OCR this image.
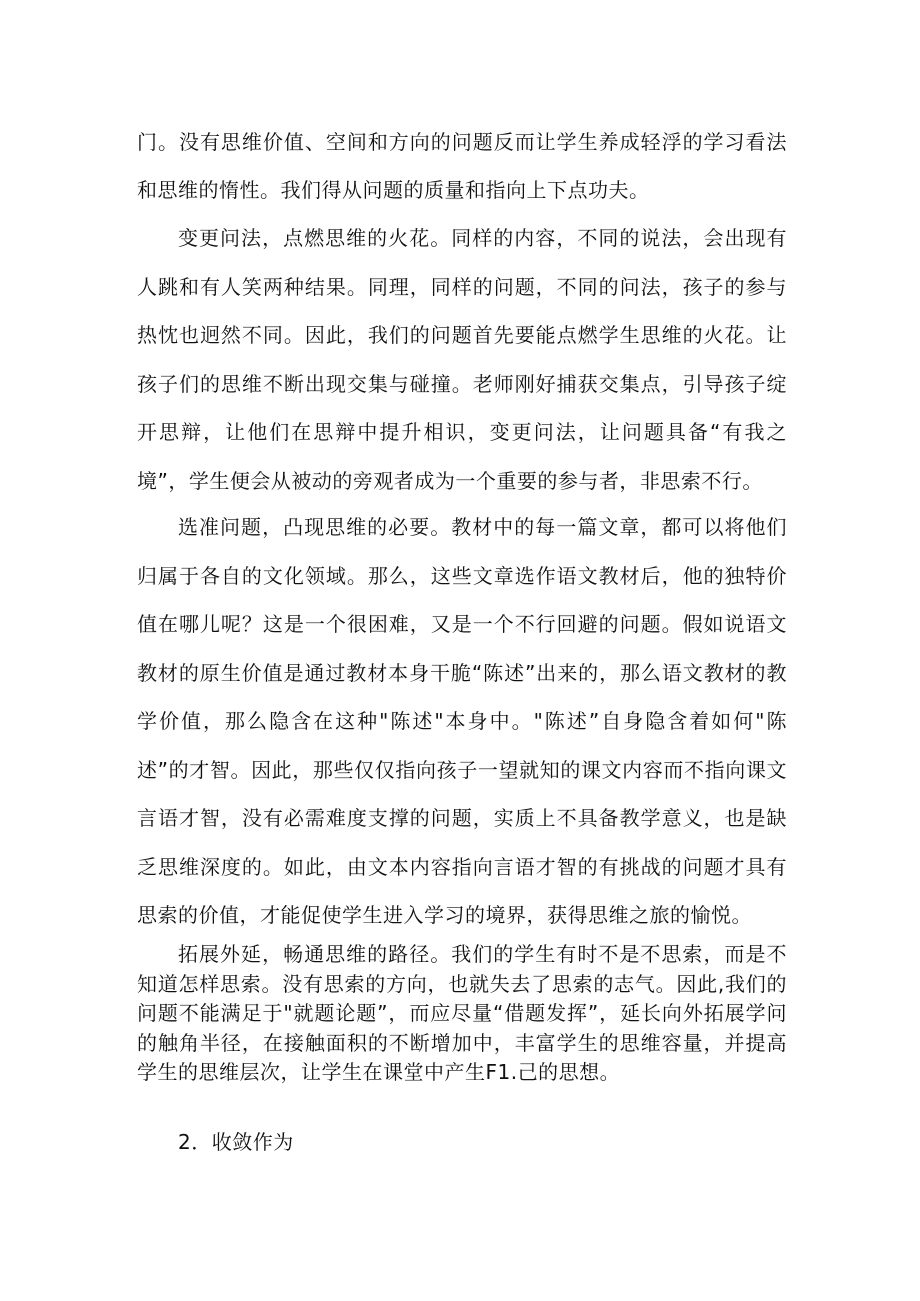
门。没有思维价值、空间和方向的问题反而让学生养成轻浮的学习看法和思维的惰性。我们得从问题的质量和指向上下点功夫。

变更问法，点燃思维的火花。同样的内容，不同的说法，会出现有人跳和有人笑两种结果。同理，同样的问题，不同的问法，孩子的参与热忱也迥然不同。因此，我们的问题首先要能点燃学生思维的火花。让孩子们的思维不断出现交集与碰撞。老师刚好捕获交集点，引导孩子绽开思辩，让他们在思辩中提升相识，变更问法，让问题具备“有我之境”，学生便会从被动的旁观者成为一个重要的参与者，非思索不行。

选准问题，凸现思维的必要。教材中的每一篇文章，都可以将他们归属于各自的文化领域。那么，这些文章选作语文教材后，他的独特价值在哪儿呢？这是一个很困难，又是一个不行回避的问题。假如说语文教材的原生价值是通过教材本身干脆“陈述”出来的，那么语文教材的教学价值，那么隐含在这种"陈述"本身中。"陈述”自身隐含着如何"陈述”的才智。因此，那些仅仅指向孩子一望就知的课文内容而不指向课文言语才智，没有必需难度支撑的问题，实质上不具备教学意义，也是缺乏思维深度的。如此，由文本内容指向言语才智的有挑战的问题才具有思索的价值，才能促使学生进入学习的境界，获得思维之旅的愉悦。

拓展外延，畅通思维的路径。我们的学生有时不是不思索，而是不知道怎样思索。没有思索的方向，也就失去了思索的志气。因此,我们的问题不能满足于"就题论题”，而应尽量“借题发挥”，延长向外拓展学问的触角半径，在接触面积的不断增加中，丰富学生的思维容量，并提高学生的思维层次，让学生在课堂中产生F1.己的思想。

2．收敛作为
